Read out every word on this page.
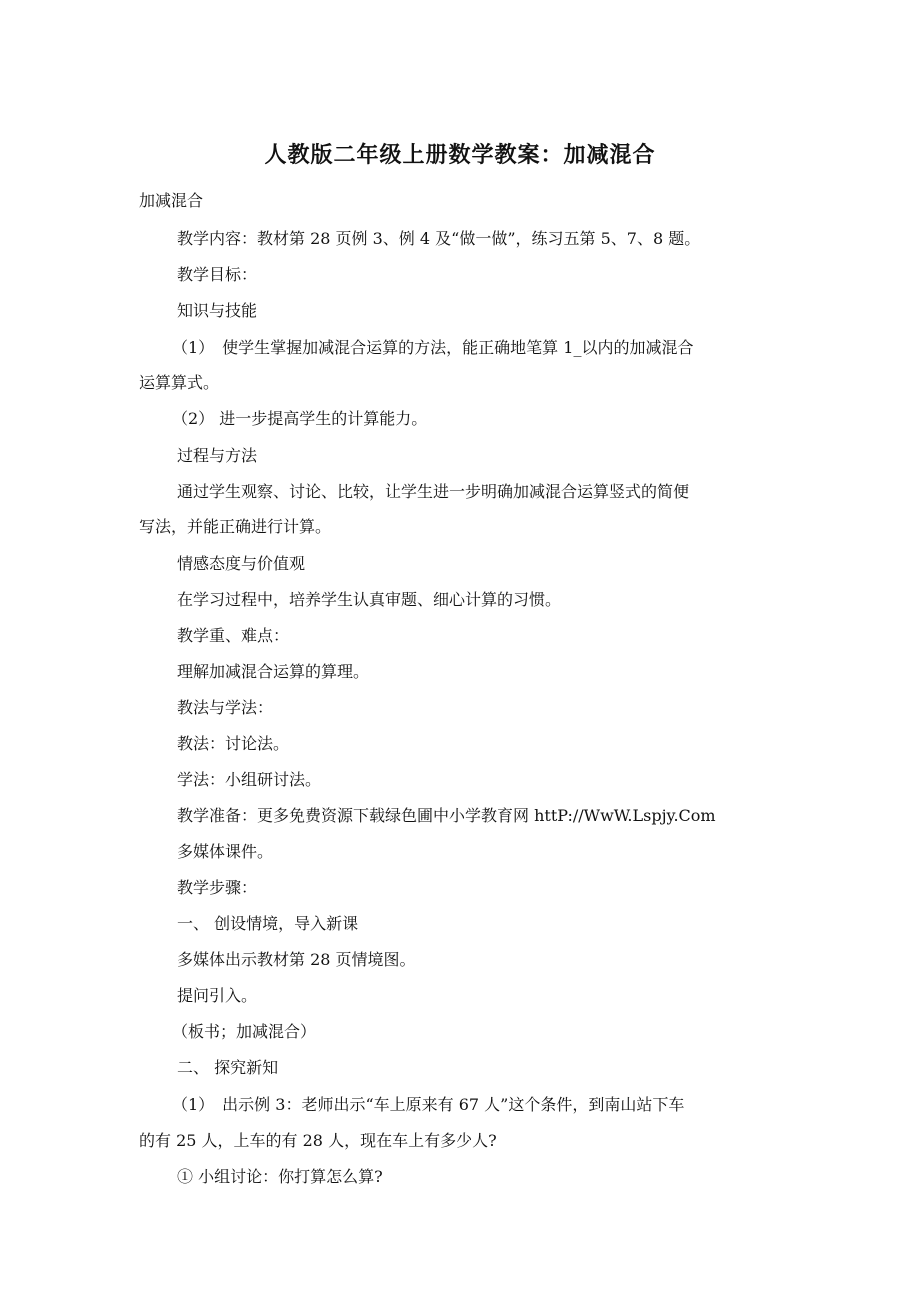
人教版二年级上册数学教案：加减混合
加减混合
教学内容：教材第 28 页例 3、例 4 及“做一做”，练习五第 5、7、8 题。
教学目标：
知识与技能
（1）　使学生掌握加减混合运算的方法，能正确地笔算 1_以内的加减混合
运算算式。
（2） 进一步提高学生的计算能力。
过程与方法
通过学生观察、讨论、比较，让学生进一步明确加减混合运算竖式的简便
写法，并能正确进行计算。
情感态度与价值观
在学习过程中，培养学生认真审题、细心计算的习惯。
教学重、难点：
理解加减混合运算的算理。
教法与学法：
教法：讨论法。
学法：小组研讨法。
教学准备：更多免费资源下载绿色圃中小学教育网 httP://WwW.Lspjy.Com
多媒体课件。
教学步骤：
一、 创设情境，导入新课
多媒体出示教材第 28 页情境图。
提问引入。
（板书；加减混合）
二、 探究新知
（1）　出示例 3：老师出示“车上原来有 67 人”这个条件，到南山站下车
的有 25 人，上车的有 28 人，现在车上有多少人?
① 小组讨论：你打算怎么算?
